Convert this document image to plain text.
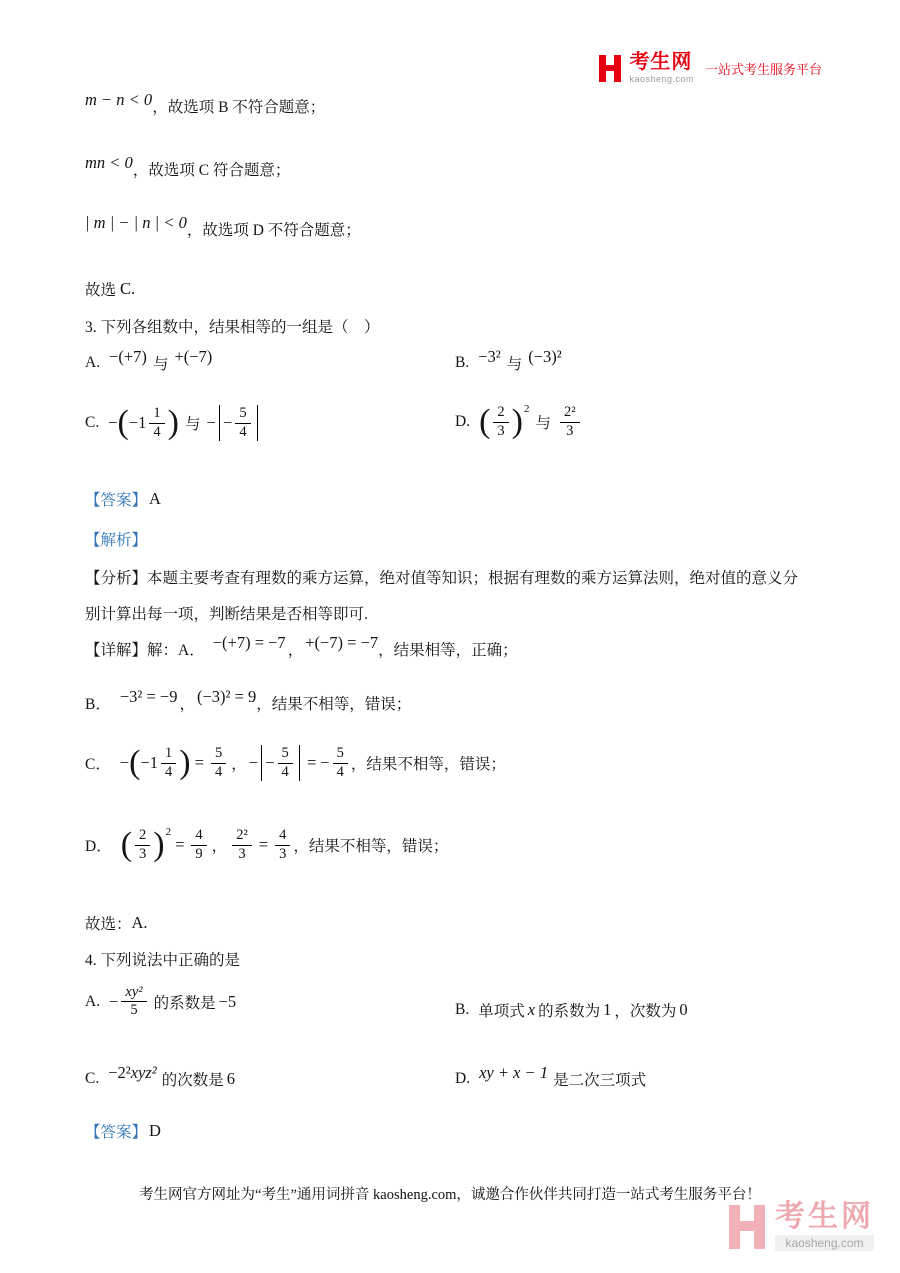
考生网
kaosheng.com
一站式考生服务平台
m − n < 0 ，故选项 B 不符合题意；
mn < 0 ，故选项 C 符合题意；
| m | − | n | < 0 ，故选项 D 不符合题意；
故选 C.
3. 下列各组数中，结果相等的一组是（　）
A. −(+7) 与 +(−7)	B. −3² 与 (−3)²
C. − ( $-1 \frac{1}{4}$ ) 与 − − $\frac{5}{4}$	D. ( $\frac{2}{3}$ ) 2
与 $\frac{\text{2²}}{3}$
【答案】 A
【解析】
【分析】 本题主要考查有理数的乘方运算，绝对值等知识；根据有理数的乘方运算法则，绝对值的意义分
别计算出每一项，判断结果是否相等即可.
【详解】 解：A． −(+7) = −7 ， +(−7) = −7 ，结果相等，正确；
B． −3² = −9 ， (−3)² = 9 ，结果不相等，错误；
C． − ( $-1 \frac{1}{4}$ ) = $\frac{5}{4}$ ， − − $\frac{5}{4}$ = − $\frac{5}{4}$ ，结果不相等，错误；
D． ( $\frac{2}{3}$ ) 2
= $\frac{4}{9}$ ， $\frac{\text{2²}}{3} = \frac{4}{3}$ ，结果不相等，错误；
故选： A.
4. 下列说法中正确的是
A. − $\frac{\text{xy²}}{5}$ 的系数是 −5	B. 单项式 x 的系数为 1 ，次数为 0
C. −2² xyz² 的次数是 6	D. xy + x − 1 是二次三项式
【答案】 D
考生网官方网址为“考生”通用词拼音 kaosheng.com，诚邀合作伙伴共同打造一站式考生服务平台！
考生网
kaosheng.com
